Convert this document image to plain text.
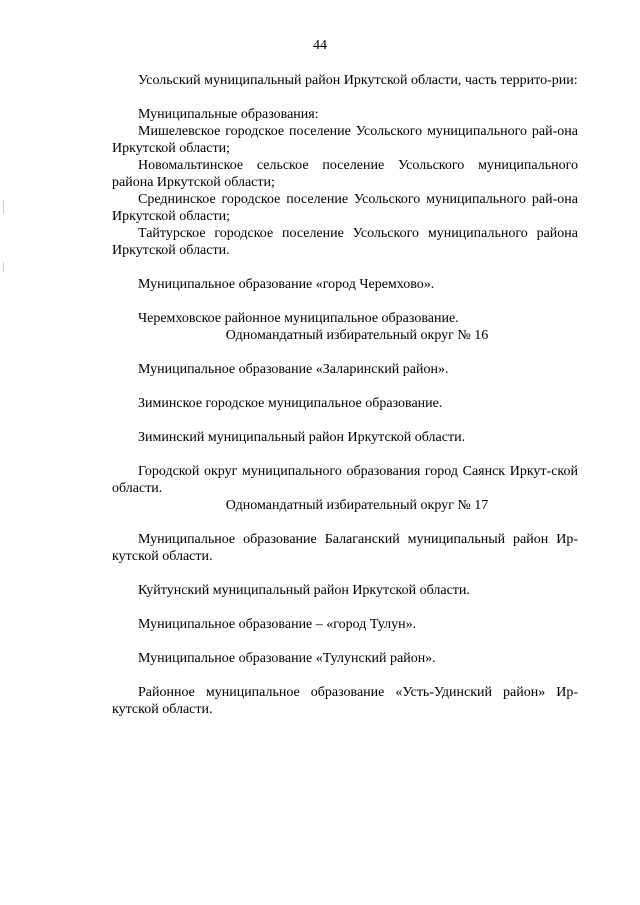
44

Усольский муниципальный район Иркутской области, часть террито-рии:

Муниципальные образования:

Мишелевское городское поселение Усольского муниципального рай-она Иркутской области;

Новомальтинское сельское поселение Усольского муниципального района Иркутской области;

Среднинское городское поселение Усольского муниципального рай-она Иркутской области;

Тайтурское городское поселение Усольского муниципального района Иркутской области.

Муниципальное образование «город Черемхово».

Черемховское районное муниципальное образование.

Одномандатный избирательный округ № 16

Муниципальное образование «Заларинский район».

Зиминское городское муниципальное образование.

Зиминский муниципальный район Иркутской области.

Городской округ муниципального образования город Саянск Иркут-ской области.

Одномандатный избирательный округ № 17

Муниципальное образование Балаганский муниципальный район Ир-кутской области.

Куйтунский муниципальный район Иркутской области.

Муниципальное образование – «город Тулун».

Муниципальное образование «Тулунский район».

Районное муниципальное образование «Усть-Удинский район» Ир-кутской области.
